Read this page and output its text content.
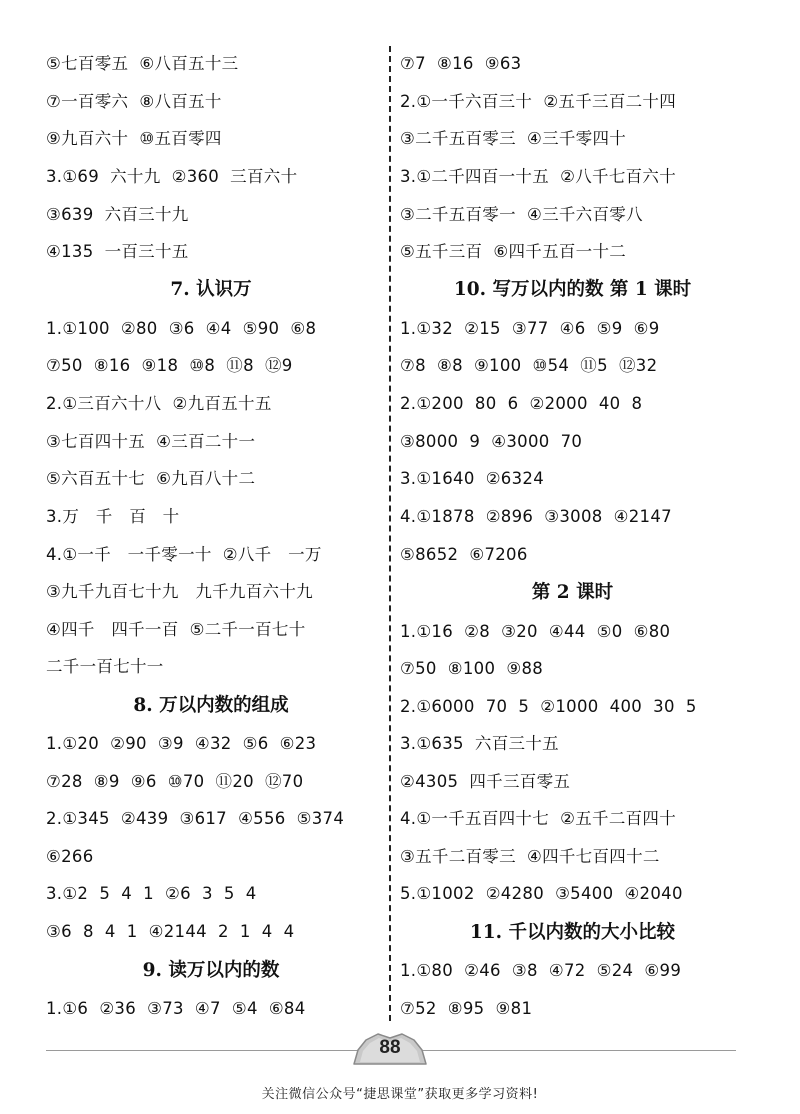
⑤七百零五  ⑥八百五十三
⑦一百零六  ⑧八百五十
⑨九百六十  ⑩五百零四
3.①69  六十九  ②360  三百六十
③639  六百三十九
④135  一百三十五
7. 认识万
1.①100  ②80  ③6  ④4  ⑤90  ⑥8
⑦50  ⑧16  ⑨18  ⑩8  ⑪8  ⑫9
2.①三百六十八  ②九百五十五
③七百四十五  ④三百二十一
⑤六百五十七  ⑥九百八十二
3.万   千   百   十
4.①一千   一千零一十  ②八千   一万
③九千九百七十九   九千九百六十九
④四千   四千一百  ⑤二千一百七十
二千一百七十一
8. 万以内数的组成
1.①20  ②90  ③9  ④32  ⑤6  ⑥23
⑦28  ⑧9  ⑨6  ⑩70  ⑪20  ⑫70
2.①345  ②439  ③617  ④556  ⑤374
⑥266
3.①2  5  4  1  ②6  3  5  4
③6  8  4  1  ④2144  2  1  4  4
9. 读万以内的数
1.①6  ②36  ③73  ④7  ⑤4  ⑥84
⑦7  ⑧16  ⑨63
2.①一千六百三十  ②五千三百二十四
③二千五百零三  ④三千零四十
3.①二千四百一十五  ②八千七百六十
③二千五百零一  ④三千六百零八
⑤五千三百  ⑥四千五百一十二
10. 写万以内的数 第 1 课时
1.①32  ②15  ③77  ④6  ⑤9  ⑥9
⑦8  ⑧8  ⑨100  ⑩54  ⑪5  ⑫32
2.①200  80  6  ②2000  40  8
③8000  9  ④3000  70
3.①1640  ②6324
4.①1878  ②896  ③3008  ④2147
⑤8652  ⑥7206
第 2 课时
1.①16  ②8  ③20  ④44  ⑤0  ⑥80
⑦50  ⑧100  ⑨88
2.①6000  70  5  ②1000  400  30  5
3.①635  六百三十五
②4305  四千三百零五
4.①一千五百四十七  ②五千二百四十
③五千二百零三  ④四千七百四十二
5.①1002  ②4280  ③5400  ④2040
11. 千以内数的大小比较
1.①80  ②46  ③8  ④72  ⑤24  ⑥99
⑦52  ⑧95  ⑨81
88
关注微信公众号“捷思课堂”获取更多学习资料!
